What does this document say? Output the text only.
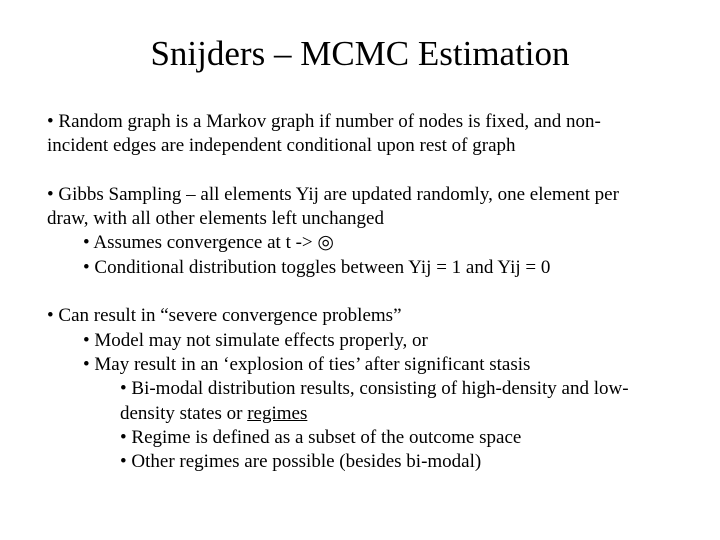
Snijders – MCMC Estimation
• Random graph is a Markov graph if number of nodes is fixed, and non-
incident edges are independent conditional upon rest of graph
• Gibbs Sampling – all elements Yij are updated randomly, one element per
draw, with all other elements left unchanged
• Assumes convergence at t -> ◎
• Conditional distribution toggles between Yij = 1 and Yij = 0
• Can result in “severe convergence problems”
• Model may not simulate effects properly, or
• May result in an ‘explosion of ties’ after significant stasis
• Bi-modal distribution results, consisting of high-density and low-
density states or regimes
• Regime is defined as a subset of the outcome space
• Other regimes are possible (besides bi-modal)
